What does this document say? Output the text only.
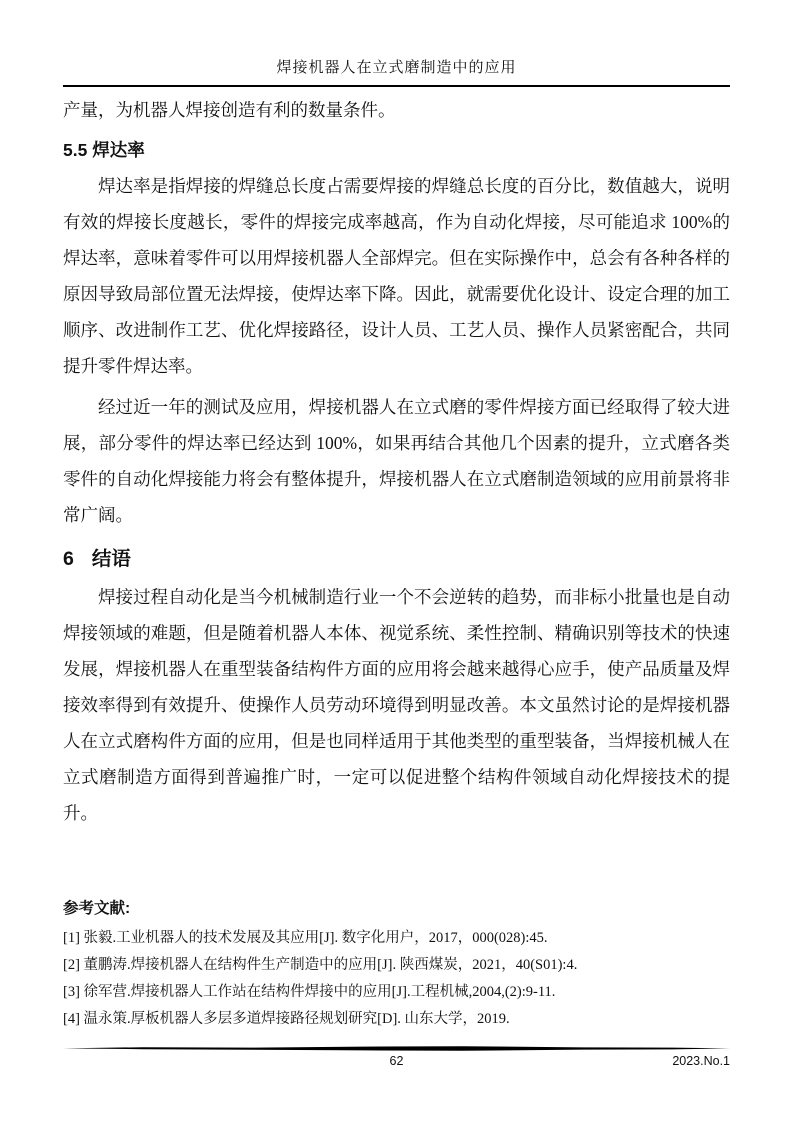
焊接机器人在立式磨制造中的应用

产量，为机器人焊接创造有利的数量条件。

5.5 焊达率

焊达率是指焊接的焊缝总长度占需要焊接的焊缝总长度的百分比，数值越大，说明有效的焊接长度越长，零件的焊接完成率越高，作为自动化焊接，尽可能追求 100%的焊达率，意味着零件可以用焊接机器人全部焊完。但在实际操作中，总会有各种各样的原因导致局部位置无法焊接，使焊达率下降。因此，就需要优化设计、设定合理的加工顺序、改进制作工艺、优化焊接路径，设计人员、工艺人员、操作人员紧密配合，共同提升零件焊达率。

经过近一年的测试及应用，焊接机器人在立式磨的零件焊接方面已经取得了较大进展，部分零件的焊达率已经达到 100%，如果再结合其他几个因素的提升，立式磨各类零件的自动化焊接能力将会有整体提升，焊接机器人在立式磨制造领域的应用前景将非常广阔。

6 结语

焊接过程自动化是当今机械制造行业一个不会逆转的趋势，而非标小批量也是自动焊接领域的难题，但是随着机器人本体、视觉系统、柔性控制、精确识别等技术的快速发展，焊接机器人在重型装备结构件方面的应用将会越来越得心应手，使产品质量及焊接效率得到有效提升、使操作人员劳动环境得到明显改善。本文虽然讨论的是焊接机器人在立式磨构件方面的应用，但是也同样适用于其他类型的重型装备，当焊接机械人在立式磨制造方面得到普遍推广时，一定可以促进整个结构件领域自动化焊接技术的提升。

参考文献:
[1] 张毅.工业机器人的技术发展及其应用[J]. 数字化用户，2017，000(028):45.
[2] 董鹏涛.焊接机器人在结构件生产制造中的应用[J]. 陕西煤炭，2021，40(S01):4.
[3] 徐军营.焊接机器人工作站在结构件焊接中的应用[J].工程机械,2004,(2):9-11.
[4] 温永策.厚板机器人多层多道焊接路径规划研究[D]. 山东大学，2019.
62	2023.No.1
